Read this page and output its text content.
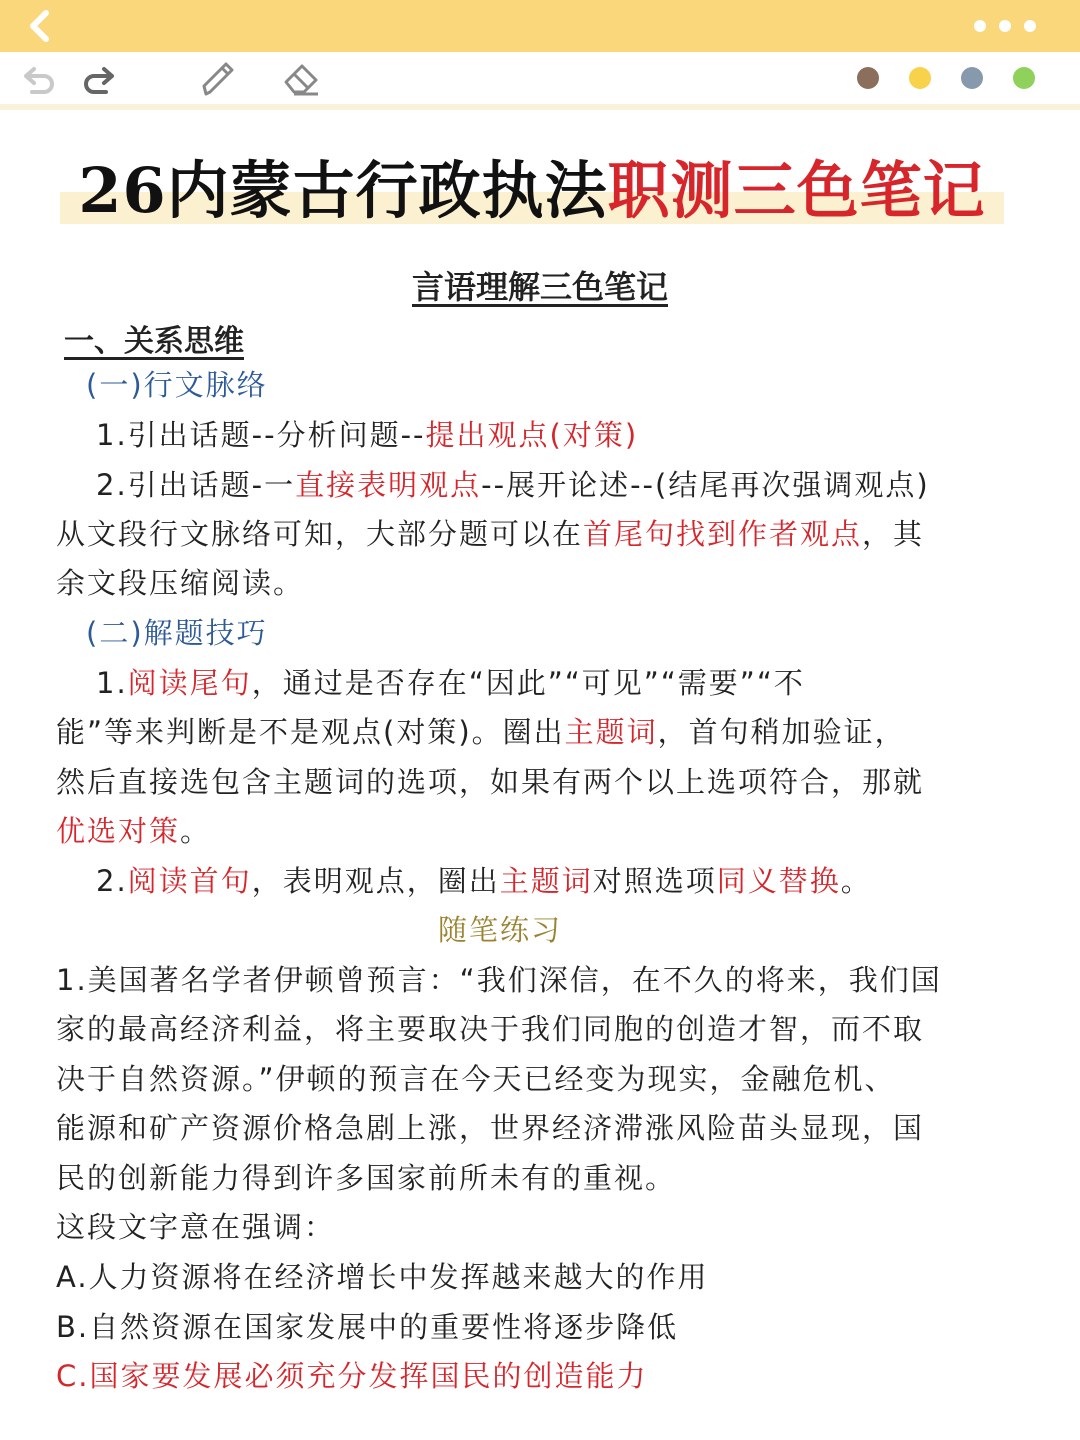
26内蒙古行政执法职测三色笔记
言语理解三色笔记
一、关系思维
(一)行文脉络
1.引出话题--分析问题--提出观点(对策)
2.引出话题-一直接表明观点--展开论述--(结尾再次强调观点)
从文段行文脉络可知，大部分题可以在首尾句找到作者观点，其
余文段压缩阅读。
(二)解题技巧
1.阅读尾句，通过是否存在“因此”“可见”“需要”“不
能”等来判断是不是观点(对策)。圈出主题词，首句稍加验证，
然后直接选包含主题词的选项，如果有两个以上选项符合，那就
优选对策。
2.阅读首句，表明观点，圈出主题词对照选项同义替换。
随笔练习
1.美国著名学者伊顿曾预言：“我们深信，在不久的将来，我们国
家的最高经济利益，将主要取决于我们同胞的创造才智，而不取
决于自然资源。”伊顿的预言在今天已经变为现实，金融危机、
能源和矿产资源价格急剧上涨，世界经济滞涨风险苗头显现，国
民的创新能力得到许多国家前所未有的重视。
这段文字意在强调：
A.人力资源将在经济增长中发挥越来越大的作用
B.自然资源在国家发展中的重要性将逐步降低
C.国家要发展必须充分发挥国民的创造能力
